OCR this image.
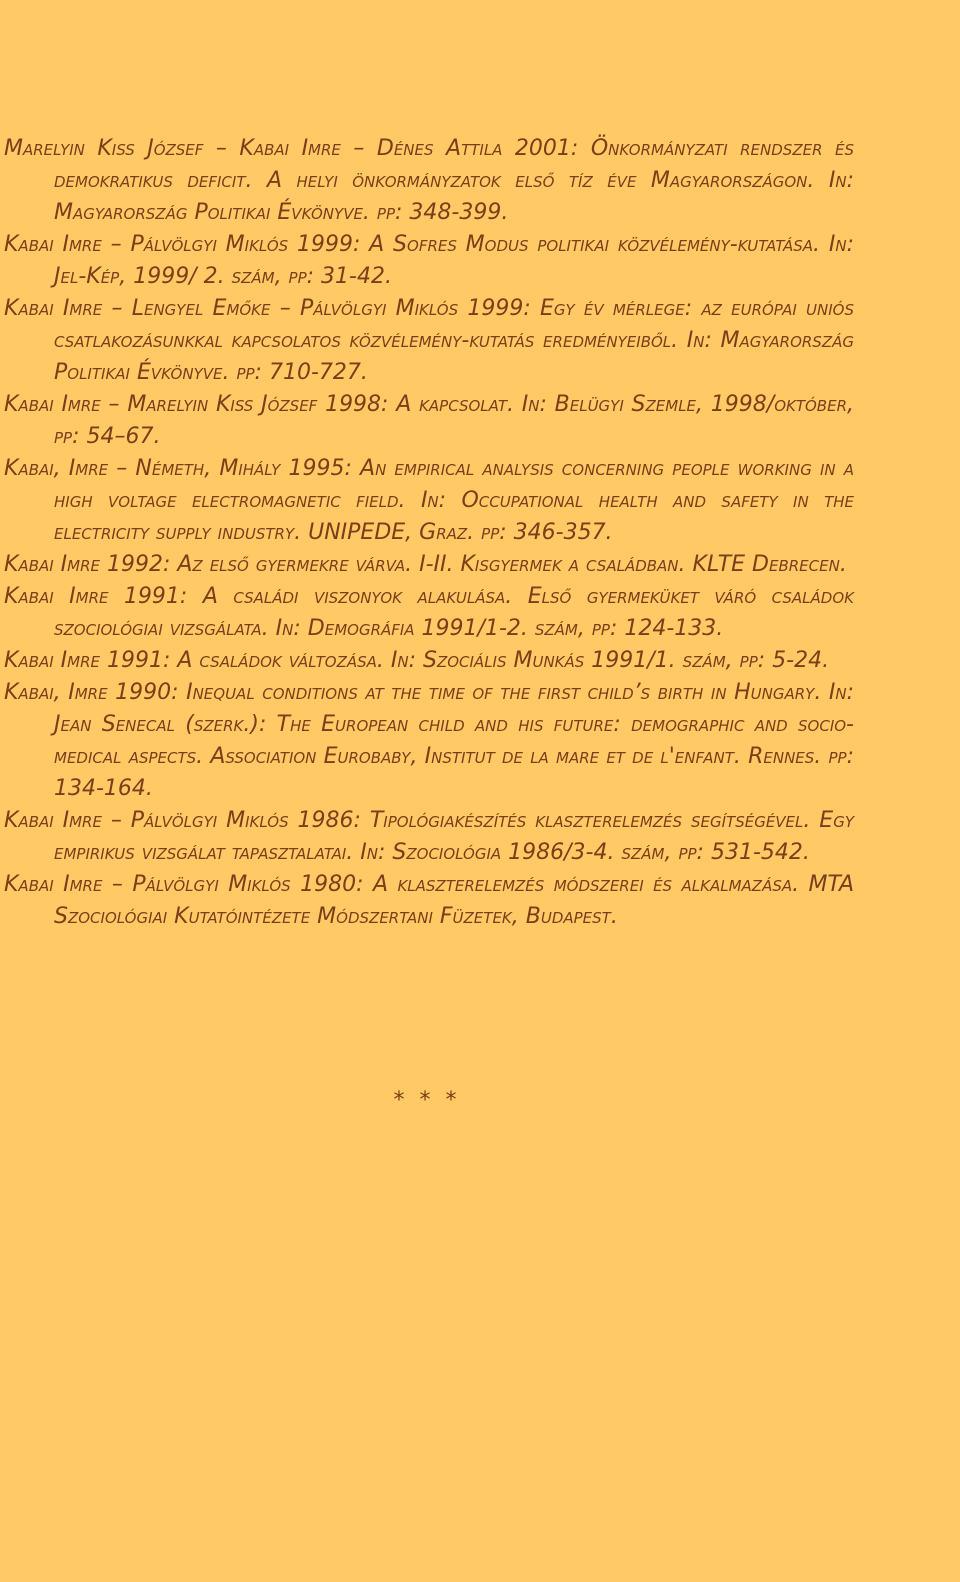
Marelyin Kiss József – Kabai Imre – Dénes Attila 2001: Önkormányzati rendszer és demokratikus deficit. A helyi önkormányzatok első tíz éve Magyarországon. In: Magyarország Politikai Évkönyve. pp: 348-399.

Kabai Imre – Pálvölgyi Miklós 1999: A Sofres Modus politikai közvélemény-kutatása. In: Jel-Kép, 1999/ 2. szám, pp: 31-42.

Kabai Imre – Lengyel Emőke – Pálvölgyi Miklós 1999: Egy év mérlege: az európai uniós csatlakozásunkkal kapcsolatos közvélemény-kutatás eredményeiből. In: Magyarország Politikai Évkönyve. pp: 710-727.

Kabai Imre – Marelyin Kiss József 1998: A kapcsolat. In: Belügyi Szemle, 1998/október, pp: 54–67.

Kabai, Imre – Németh, Mihály 1995: An empirical analysis concerning people working in a high voltage electromagnetic field. In: Occupational health and safety in the electricity supply industry. UNIPEDE, Graz. pp: 346-357.

Kabai Imre 1992: Az első gyermekre várva. I-II. Kisgyermek a családban. KLTE Debrecen.

Kabai Imre 1991: A családi viszonyok alakulása. Első gyermeküket váró családok szociológiai vizsgálata. In: Demográfia 1991/1-2. szám, pp: 124-133.

Kabai Imre 1991: A családok változása. In: Szociális Munkás 1991/1. szám, pp: 5-24.

Kabai, Imre 1990: Inequal conditions at the time of the first child’s birth in Hungary. In: Jean Senecal (szerk.): The European child and his future: demographic and socio-medical aspects. Association Eurobaby, Institut de la mare et de l'enfant. Rennes. pp: 134-164.

Kabai Imre – Pálvölgyi Miklós 1986: Tipológiakészítés klaszterelemzés segítségével. Egy empirikus vizsgálat tapasztalatai. In: Szociológia 1986/3-4. szám, pp: 531-542.

Kabai Imre – Pálvölgyi Miklós 1980: A klaszterelemzés módszerei és alkalmazása. MTA Szociológiai Kutatóintézete Módszertani Füzetek, Budapest.

* * *
